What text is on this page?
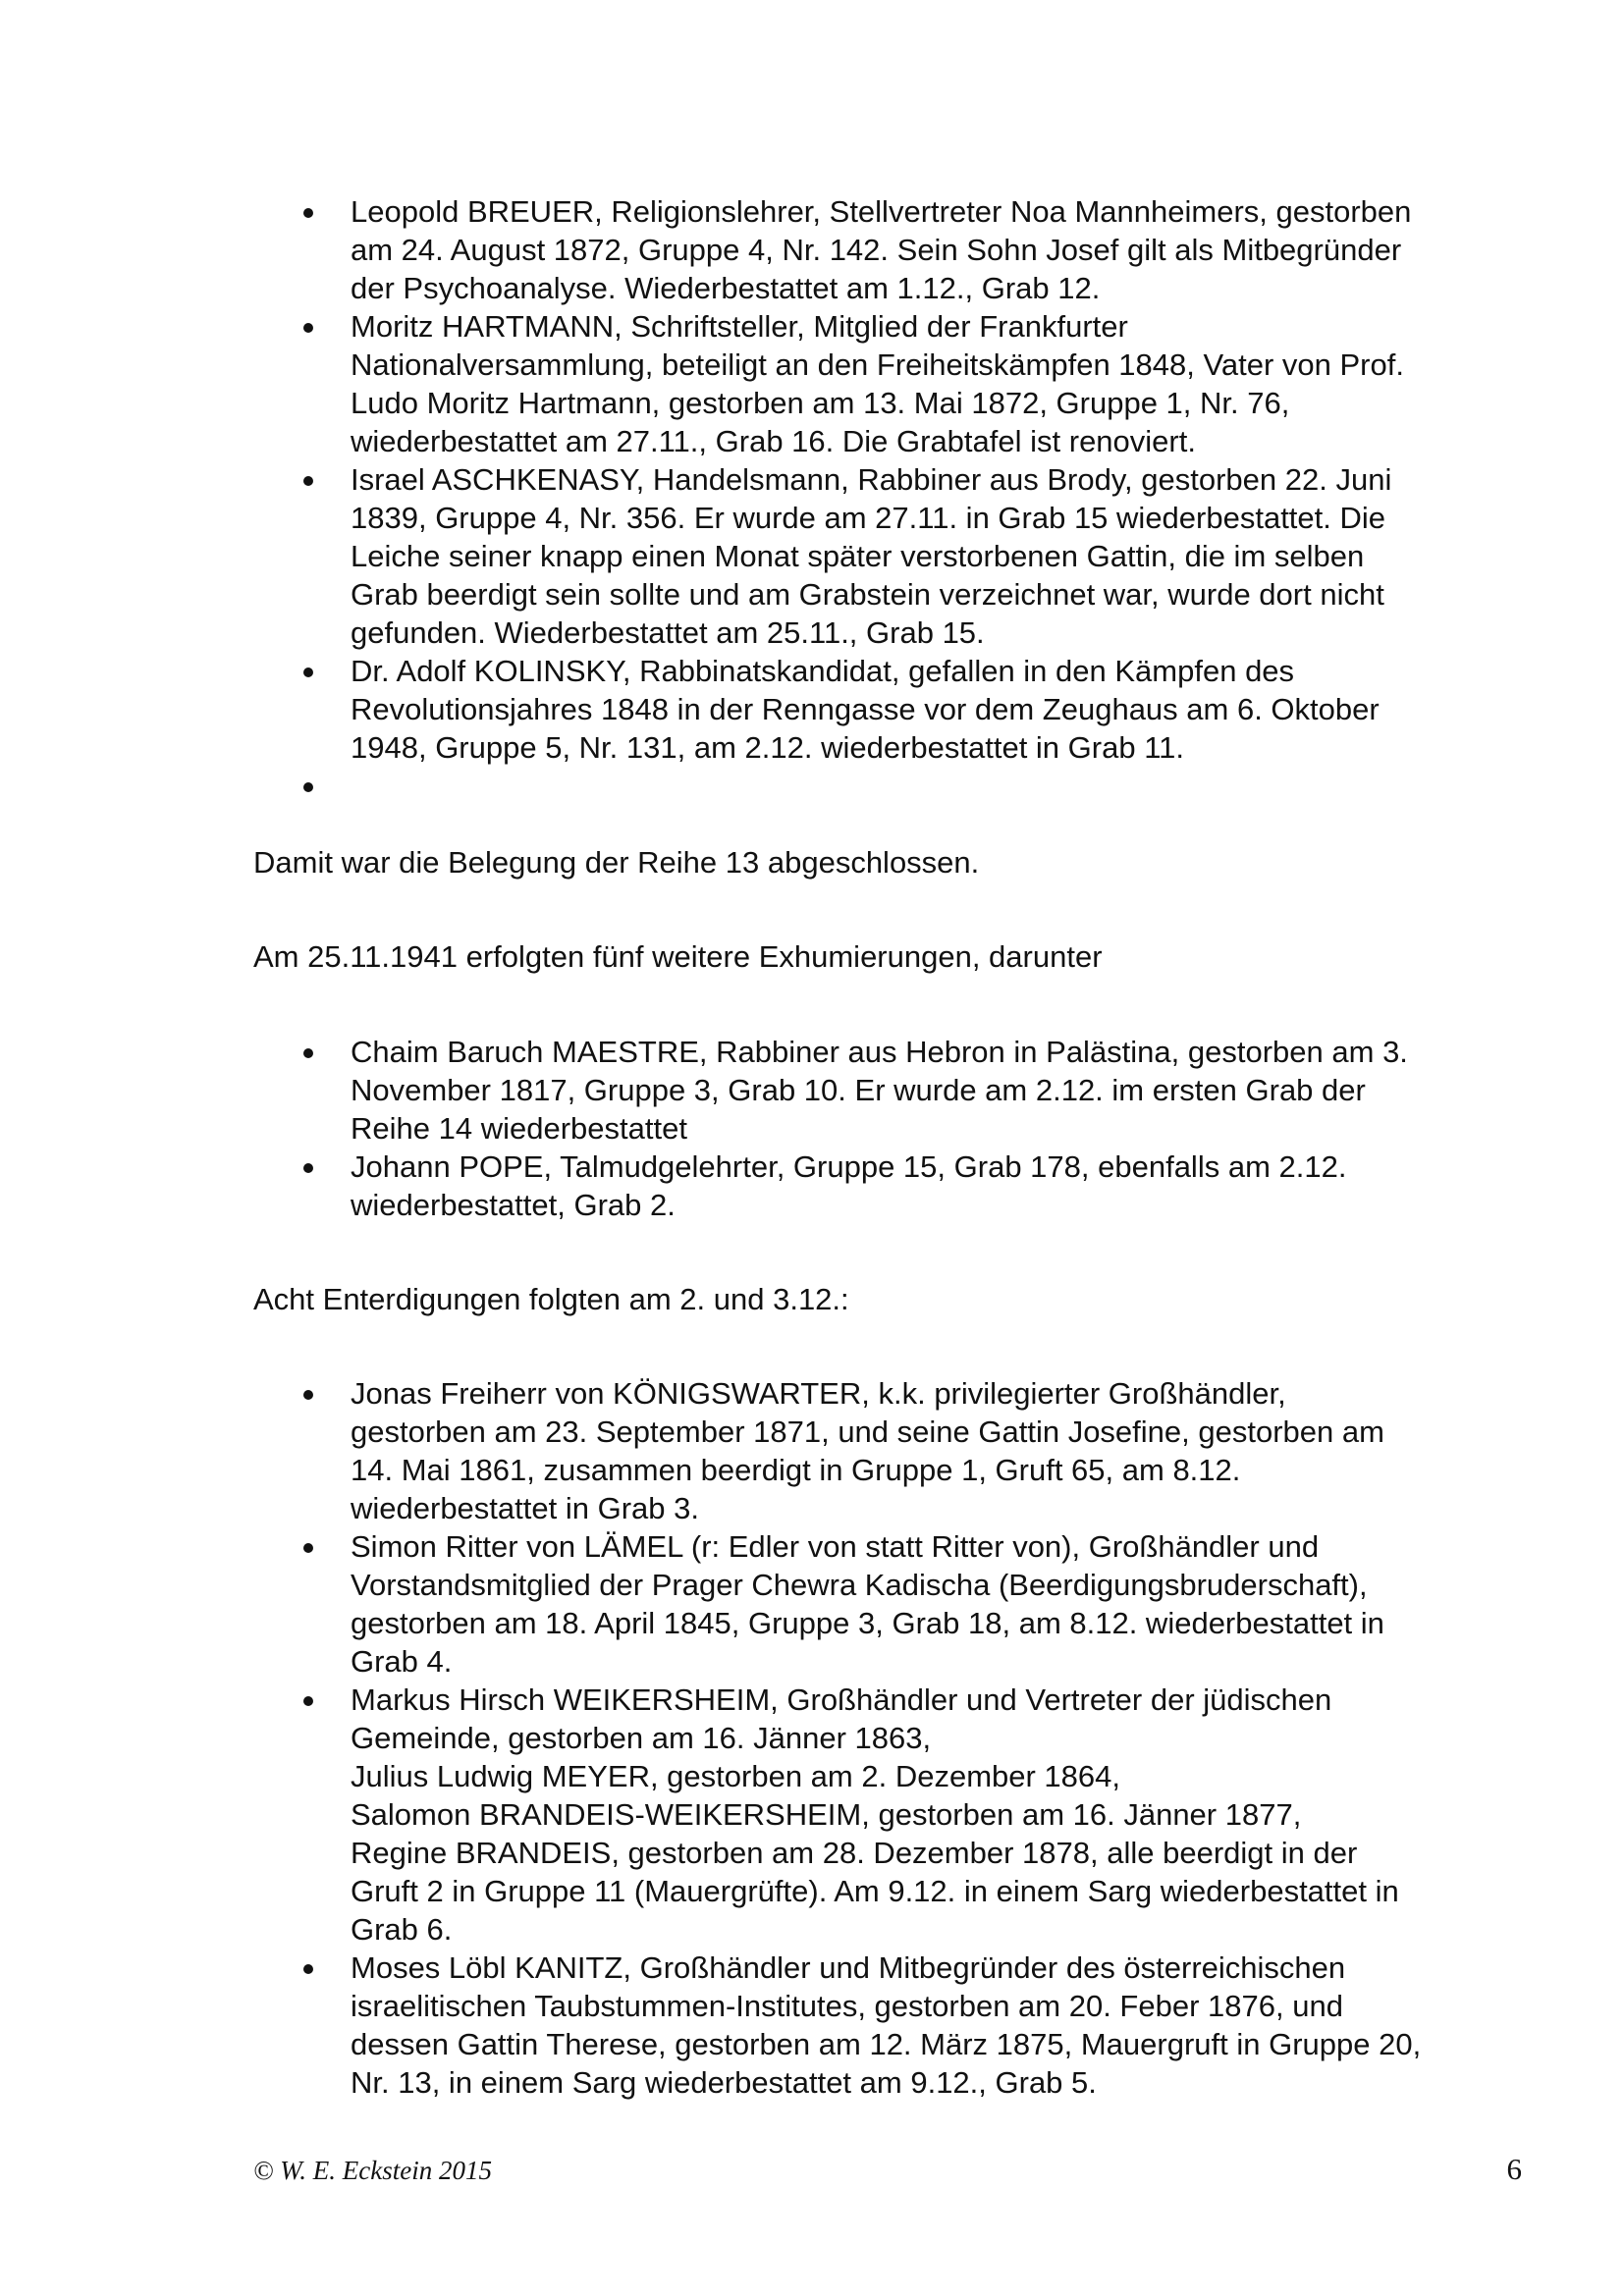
Leopold BREUER, Religionslehrer, Stellvertreter Noa Mannheimers, gestorben
am 24. August 1872, Gruppe 4, Nr. 142. Sein Sohn Josef gilt als Mitbegründer
der Psychoanalyse. Wiederbestattet am 1.12., Grab 12.
Moritz HARTMANN, Schriftsteller, Mitglied der Frankfurter
Nationalversammlung, beteiligt an den Freiheitskämpfen 1848, Vater von Prof.
Ludo Moritz Hartmann, gestorben am 13. Mai 1872, Gruppe 1, Nr. 76,
wiederbestattet am 27.11., Grab 16. Die Grabtafel ist renoviert.
Israel ASCHKENASY, Handelsmann, Rabbiner aus Brody, gestorben 22. Juni
1839, Gruppe 4, Nr. 356. Er wurde am 27.11. in Grab 15 wiederbestattet. Die
Leiche seiner knapp einen Monat später verstorbenen Gattin, die im selben
Grab beerdigt sein sollte und am Grabstein verzeichnet war, wurde dort nicht
gefunden. Wiederbestattet am 25.11., Grab 15.
Dr. Adolf KOLINSKY, Rabbinatskandidat, gefallen in den Kämpfen des
Revolutionsjahres 1848 in der Renngasse vor dem Zeughaus am 6. Oktober
1948, Gruppe 5, Nr. 131, am 2.12. wiederbestattet in Grab 11.

Damit war die Belegung der Reihe 13 abgeschlossen.

Am 25.11.1941 erfolgten fünf weitere Exhumierungen, darunter

Chaim Baruch MAESTRE, Rabbiner aus Hebron in Palästina, gestorben am 3.
November 1817, Gruppe 3, Grab 10. Er wurde am 2.12. im ersten Grab der
Reihe 14 wiederbestattet
Johann POPE, Talmudgelehrter, Gruppe 15, Grab 178, ebenfalls am 2.12.
wiederbestattet, Grab 2.

Acht Enterdigungen folgten am 2. und 3.12.:

Jonas Freiherr von KÖNIGSWARTER, k.k. privilegierter Großhändler,
gestorben am 23. September 1871, und seine Gattin Josefine, gestorben am
14. Mai 1861, zusammen beerdigt in Gruppe 1, Gruft 65, am 8.12.
wiederbestattet in Grab 3.
Simon Ritter von LÄMEL (r: Edler von statt Ritter von), Großhändler und
Vorstandsmitglied der Prager Chewra Kadischa (Beerdigungsbruderschaft),
gestorben am 18. April 1845, Gruppe 3, Grab 18, am 8.12. wiederbestattet in
Grab 4.
Markus Hirsch WEIKERSHEIM, Großhändler und Vertreter der jüdischen
Gemeinde, gestorben am 16. Jänner 1863,
Julius Ludwig MEYER, gestorben am 2. Dezember 1864,
Salomon BRANDEIS-WEIKERSHEIM, gestorben am 16. Jänner 1877,
Regine BRANDEIS, gestorben am 28. Dezember 1878, alle beerdigt in der
Gruft 2 in Gruppe 11 (Mauergrüfte). Am 9.12. in einem Sarg wiederbestattet in
Grab 6.
Moses Löbl KANITZ, Großhändler und Mitbegründer des österreichischen
israelitischen Taubstummen-Institutes, gestorben am 20. Feber 1876, und
dessen Gattin Therese, gestorben am 12. März 1875, Mauergruft in Gruppe 20,
Nr. 13, in einem Sarg wiederbestattet am 9.12., Grab 5.
© W. E. Eckstein 2015	6
